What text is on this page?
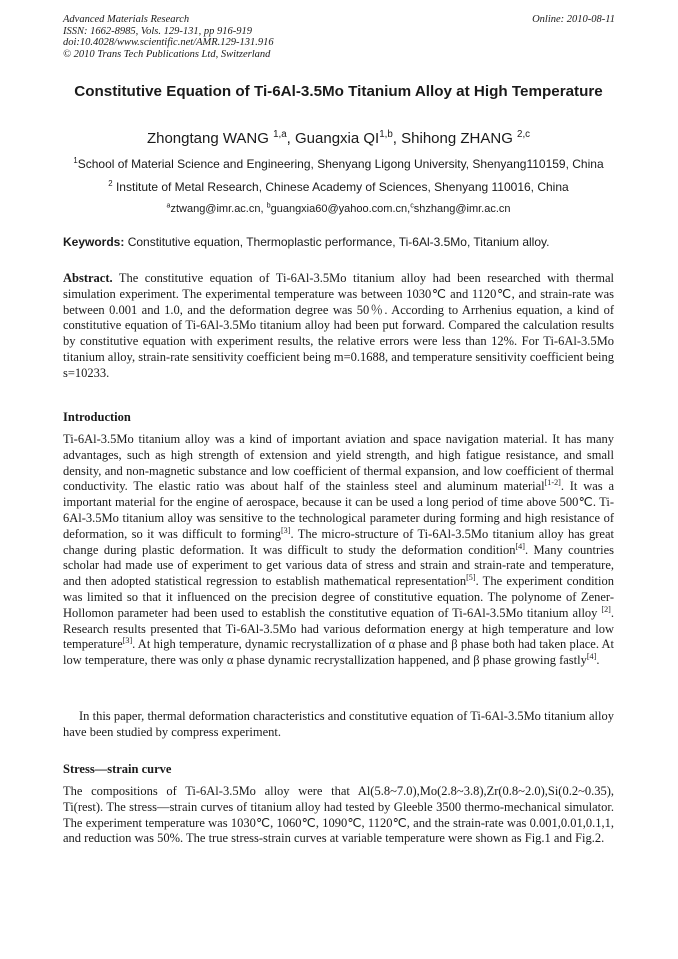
Advanced Materials Research
ISSN: 1662-8985, Vols. 129-131, pp 916-919
doi:10.4028/www.scientific.net/AMR.129-131.916
© 2010 Trans Tech Publications Ltd, Switzerland
Online: 2010-08-11
Constitutive Equation of Ti-6Al-3.5Mo Titanium Alloy at High Temperature
Zhongtang WANG $^{1,a}$, Guangxia QI$^{1,b}$, Shihong ZHANG $^{2,c}$
$^1$School of Material Science and Engineering, Shenyang Ligong University, Shenyang110159, China
$^2$ Institute of Metal Research, Chinese Academy of Sciences, Shenyang 110016, China
$^a$ztwang@imr.ac.cn, $^b$guangxia60@yahoo.com.cn,$^c$shzhang@imr.ac.cn
Keywords: Constitutive equation, Thermoplastic performance, Ti-6Al-3.5Mo, Titanium alloy.
Abstract. The constitutive equation of Ti-6Al-3.5Mo titanium alloy had been researched with thermal simulation experiment. The experimental temperature was between 1030℃ and 1120℃, and strain-rate was between 0.001 and 1.0, and the deformation degree was 50％. According to Arrhenius equation, a kind of constitutive equation of Ti-6Al-3.5Mo titanium alloy had been put forward. Compared the calculation results by constitutive equation with experiment results, the relative errors were less than 12%. For Ti-6Al-3.5Mo titanium alloy, strain-rate sensitivity coefficient being m=0.1688, and temperature sensitivity coefficient being s=10233.
Introduction
Ti-6Al-3.5Mo titanium alloy was a kind of important aviation and space navigation material. It has many advantages, such as high strength of extension and yield strength, and high fatigue resistance, and small density, and non-magnetic substance and low coefficient of thermal expansion, and low coefficient of thermal conductivity. The elastic ratio was about half of the stainless steel and aluminum material[1-2]. It was a important material for the engine of aerospace, because it can be used a long period of time above 500℃. Ti-6Al-3.5Mo titanium alloy was sensitive to the technological parameter during forming and high resistance of deformation, so it was difficult to forming[3]. The micro-structure of Ti-6Al-3.5Mo titanium alloy has great change during plastic deformation. It was difficult to study the deformation condition[4]. Many countries scholar had made use of experiment to get various data of stress and strain and strain-rate and temperature, and then adopted statistical regression to establish mathematical representation[5]. The experiment condition was limited so that it influenced on the precision degree of constitutive equation. The polynome of Zener-Hollomon parameter had been used to establish the constitutive equation of Ti-6Al-3.5Mo titanium alloy [2]. Research results presented that Ti-6Al-3.5Mo had various deformation energy at high temperature and low temperature[3]. At high temperature, dynamic recrystallization of α phase and β phase both had taken place. At low temperature, there was only α phase dynamic recrystallization happened, and β phase growing fastly[4].
In this paper, thermal deformation characteristics and constitutive equation of Ti-6Al-3.5Mo titanium alloy have been studied by compress experiment.
Stress—strain curve
The compositions of Ti-6Al-3.5Mo alloy were that Al(5.8~7.0),Mo(2.8~3.8),Zr(0.8~2.0),Si(0.2~0.35), Ti(rest). The stress—strain curves of titanium alloy had tested by Gleeble 3500 thermo-mechanical simulator. The experiment temperature was 1030℃, 1060℃, 1090℃, 1120℃, and the strain-rate was 0.001,0.01,0.1,1, and reduction was 50%. The true stress-strain curves at variable temperature were shown as Fig.1 and Fig.2.
